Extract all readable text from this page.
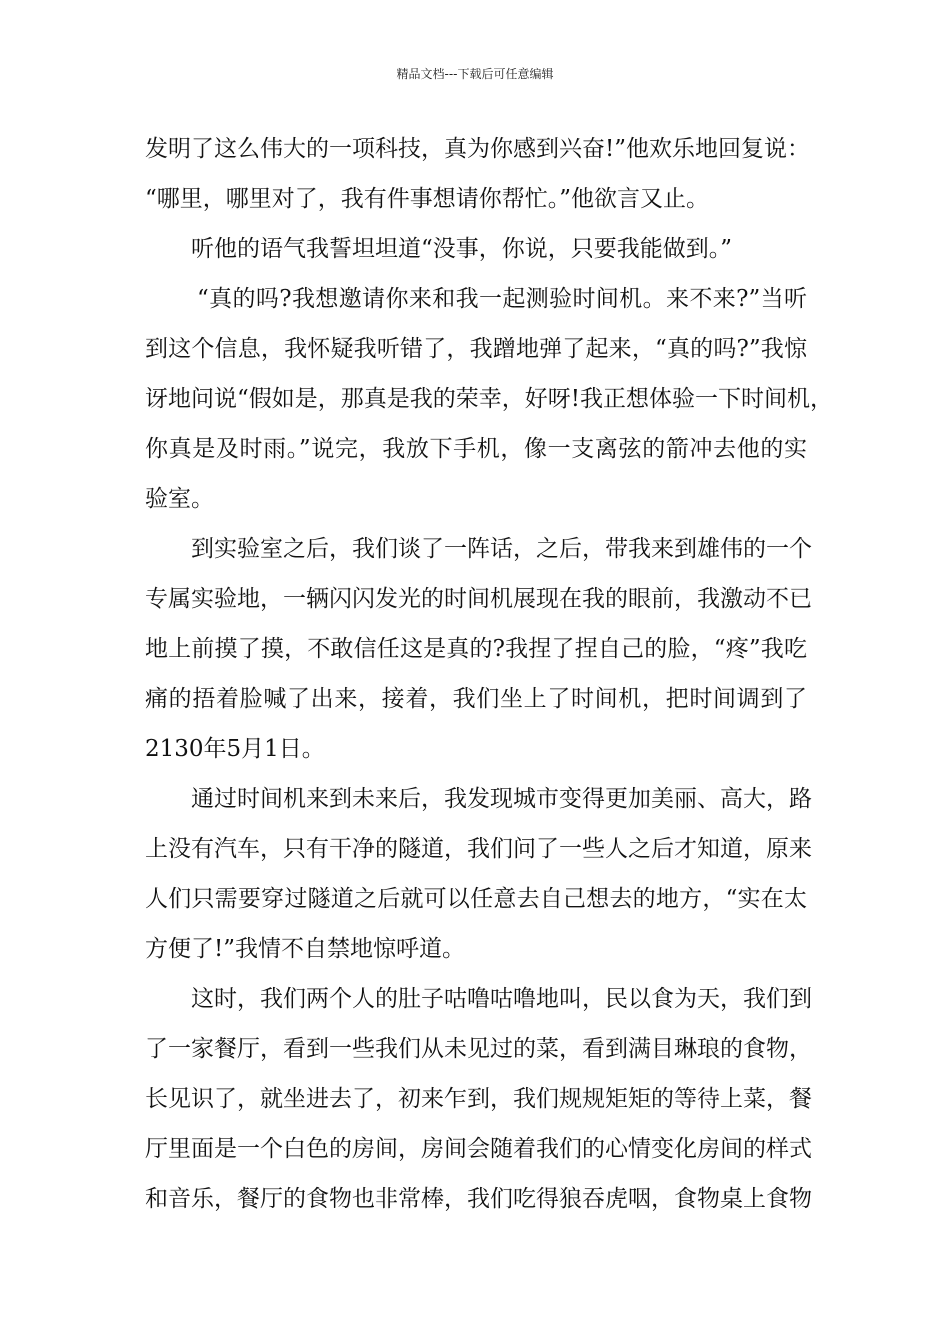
精品文档---下载后可任意编辑
发明了这么伟大的一项科技，真为你感到兴奋!”他欢乐地回复说：
“哪里，哪里对了，我有件事想请你帮忙。”他欲言又止。
听他的语气我誓坦坦道“没事，你说，只要我能做到。”
“真的吗?我想邀请你来和我一起测验时间机。来不来?”当听
到这个信息，我怀疑我听错了，我蹭地弹了起来，“真的吗?”我惊
讶地问说“假如是，那真是我的荣幸，好呀!我正想体验一下时间机，
你真是及时雨。”说完，我放下手机，像一支离弦的箭冲去他的实
验室。
到实验室之后，我们谈了一阵话，之后，带我来到雄伟的一个
专属实验地，一辆闪闪发光的时间机展现在我的眼前，我激动不已
地上前摸了摸，不敢信任这是真的?我捏了捏自己的脸，“疼”我吃
痛的捂着脸喊了出来，接着，我们坐上了时间机，把时间调到了
2130年5月1日。
通过时间机来到未来后，我发现城市变得更加美丽、高大，路
上没有汽车，只有干净的隧道，我们问了一些人之后才知道，原来
人们只需要穿过隧道之后就可以任意去自己想去的地方，“实在太
方便了!”我情不自禁地惊呼道。
这时，我们两个人的肚子咕噜咕噜地叫，民以食为天，我们到
了一家餐厅，看到一些我们从未见过的菜，看到满目琳琅的食物，
长见识了，就坐进去了，初来乍到，我们规规矩矩的等待上菜，餐
厅里面是一个白色的房间，房间会随着我们的心情变化房间的样式
和音乐，餐厅的食物也非常棒，我们吃得狼吞虎咽，食物桌上食物
